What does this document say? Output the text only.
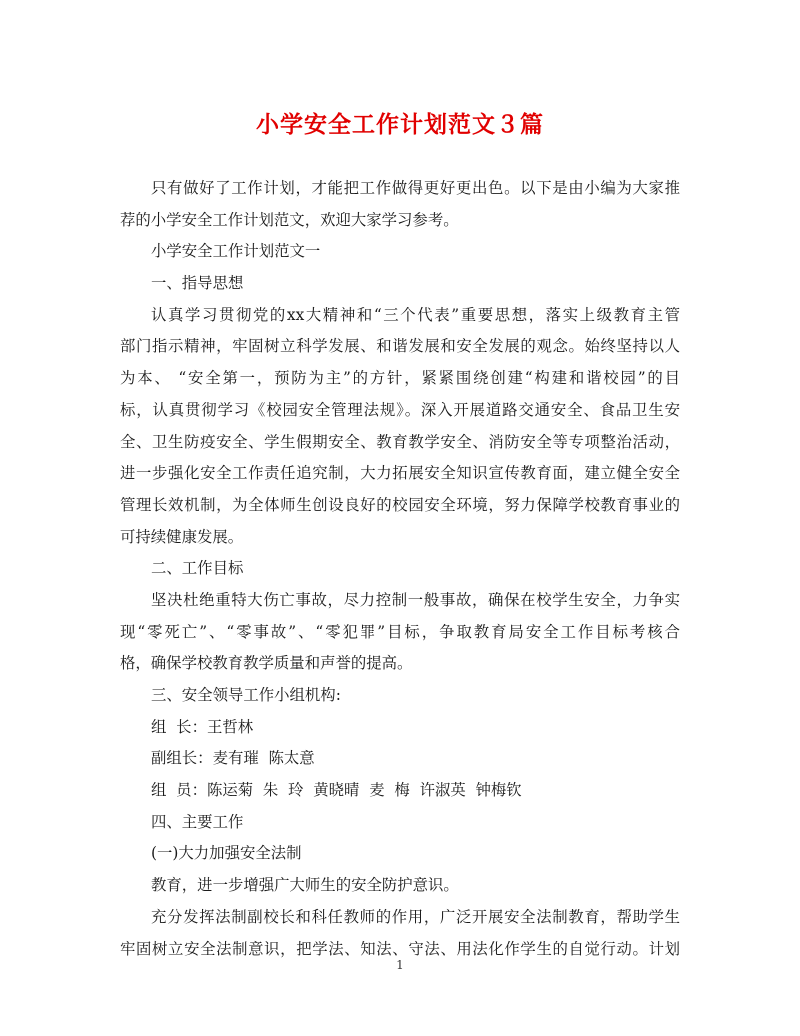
小学安全工作计划范文３篇
只有做好了工作计划，才能把工作做得更好更出色。以下是由小编为大家推
荐的小学安全工作计划范文，欢迎大家学习参考。
小学安全工作计划范文一
一、指导思想
认真学习贯彻党的xx大精神和“三个代表”重要思想，落实上级教育主管
部门指示精神，牢固树立科学发展、和谐发展和安全发展的观念。始终坚持以人
为本、 “安全第一，预防为主”的方针，紧紧围绕创建“构建和谐校园”的目
标，认真贯彻学习《校园安全管理法规》。深入开展道路交通安全、食品卫生安
全、卫生防疫安全、学生假期安全、教育教学安全、消防安全等专项整治活动，
进一步强化安全工作责任追究制，大力拓展安全知识宣传教育面，建立健全安全
管理长效机制，为全体师生创设良好的校园安全环境，努力保障学校教育事业的
可持续健康发展。
二、工作目标
坚决杜绝重特大伤亡事故，尽力控制一般事故，确保在校学生安全，力争实
现“零死亡”、“零事故”、“零犯罪”目标，争取教育局安全工作目标考核合
格，确保学校教育教学质量和声誉的提高。
三、安全领导工作小组机构:
组  长：王哲林
副组长：麦有璀  陈太意
组  员：陈运菊  朱  玲  黄晓晴  麦  梅  许淑英  钟梅钦
四、主要工作
(一)大力加强安全法制
教育，进一步增强广大师生的安全防护意识。
充分发挥法制副校长和科任教师的作用，广泛开展安全法制教育，帮助学生
牢固树立安全法制意识，把学法、知法、守法、用法化作学生的自觉行动。计划
1
